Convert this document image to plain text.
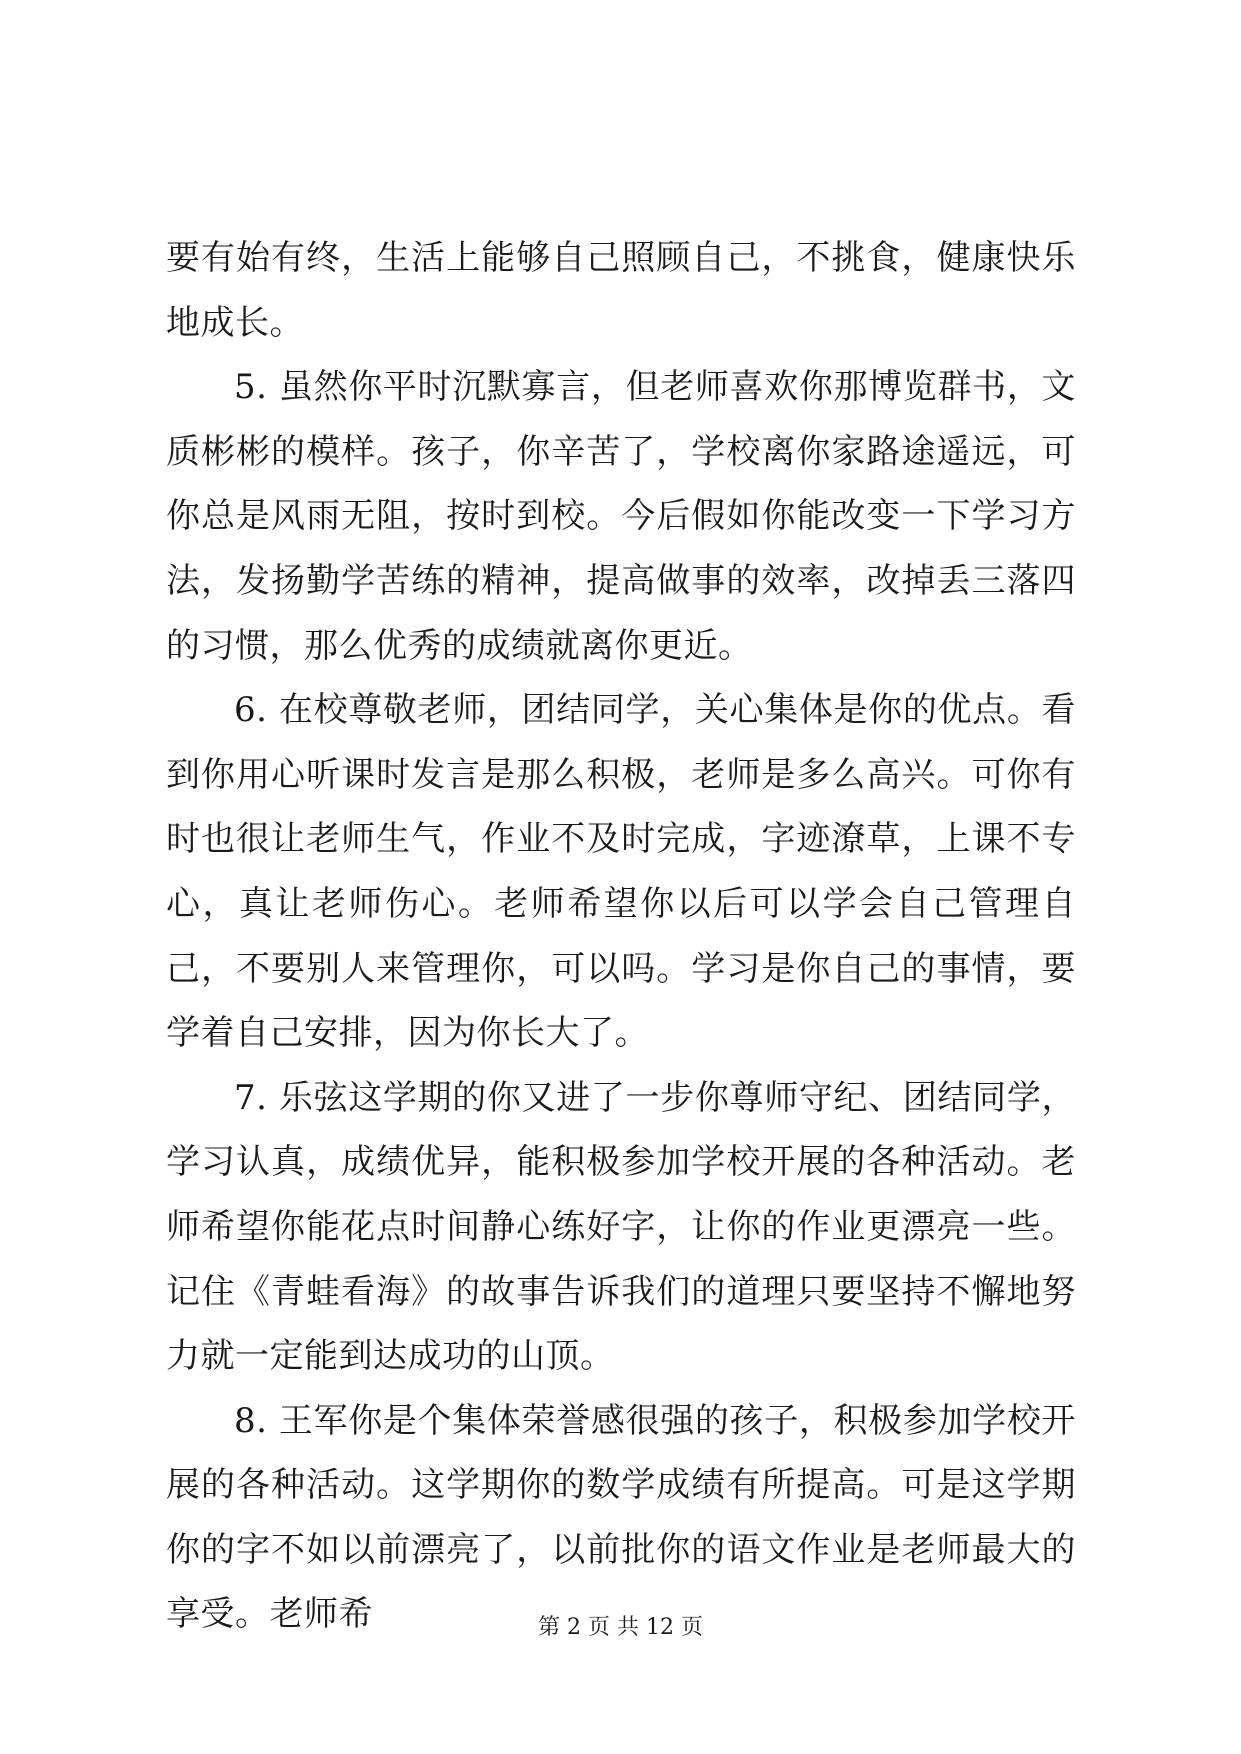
要有始有终，生活上能够自己照顾自己，不挑食，健康快乐地成长。

5. 虽然你平时沉默寡言，但老师喜欢你那博览群书，文质彬彬的模样。孩子，你辛苦了，学校离你家路途遥远，可你总是风雨无阻，按时到校。今后假如你能改变一下学习方法，发扬勤学苦练的精神，提高做事的效率，改掉丢三落四的习惯，那么优秀的成绩就离你更近。

6. 在校尊敬老师，团结同学，关心集体是你的优点。看到你用心听课时发言是那么积极，老师是多么高兴。可你有时也很让老师生气，作业不及时完成，字迹潦草，上课不专心，真让老师伤心。老师希望你以后可以学会自己管理自己，不要别人来管理你，可以吗。学习是你自己的事情，要学着自己安排，因为你长大了。

7. 乐弦这学期的你又进了一步你尊师守纪、团结同学，学习认真，成绩优异，能积极参加学校开展的各种活动。老师希望你能花点时间静心练好字，让你的作业更漂亮一些。记住《青蛙看海》的故事告诉我们的道理只要坚持不懈地努力就一定能到达成功的山顶。

8. 王军你是个集体荣誉感很强的孩子，积极参加学校开展的各种活动。这学期你的数学成绩有所提高。可是这学期你的字不如以前漂亮了，以前批你的语文作业是老师最大的享受。老师希	第 2 页 共 12 页
